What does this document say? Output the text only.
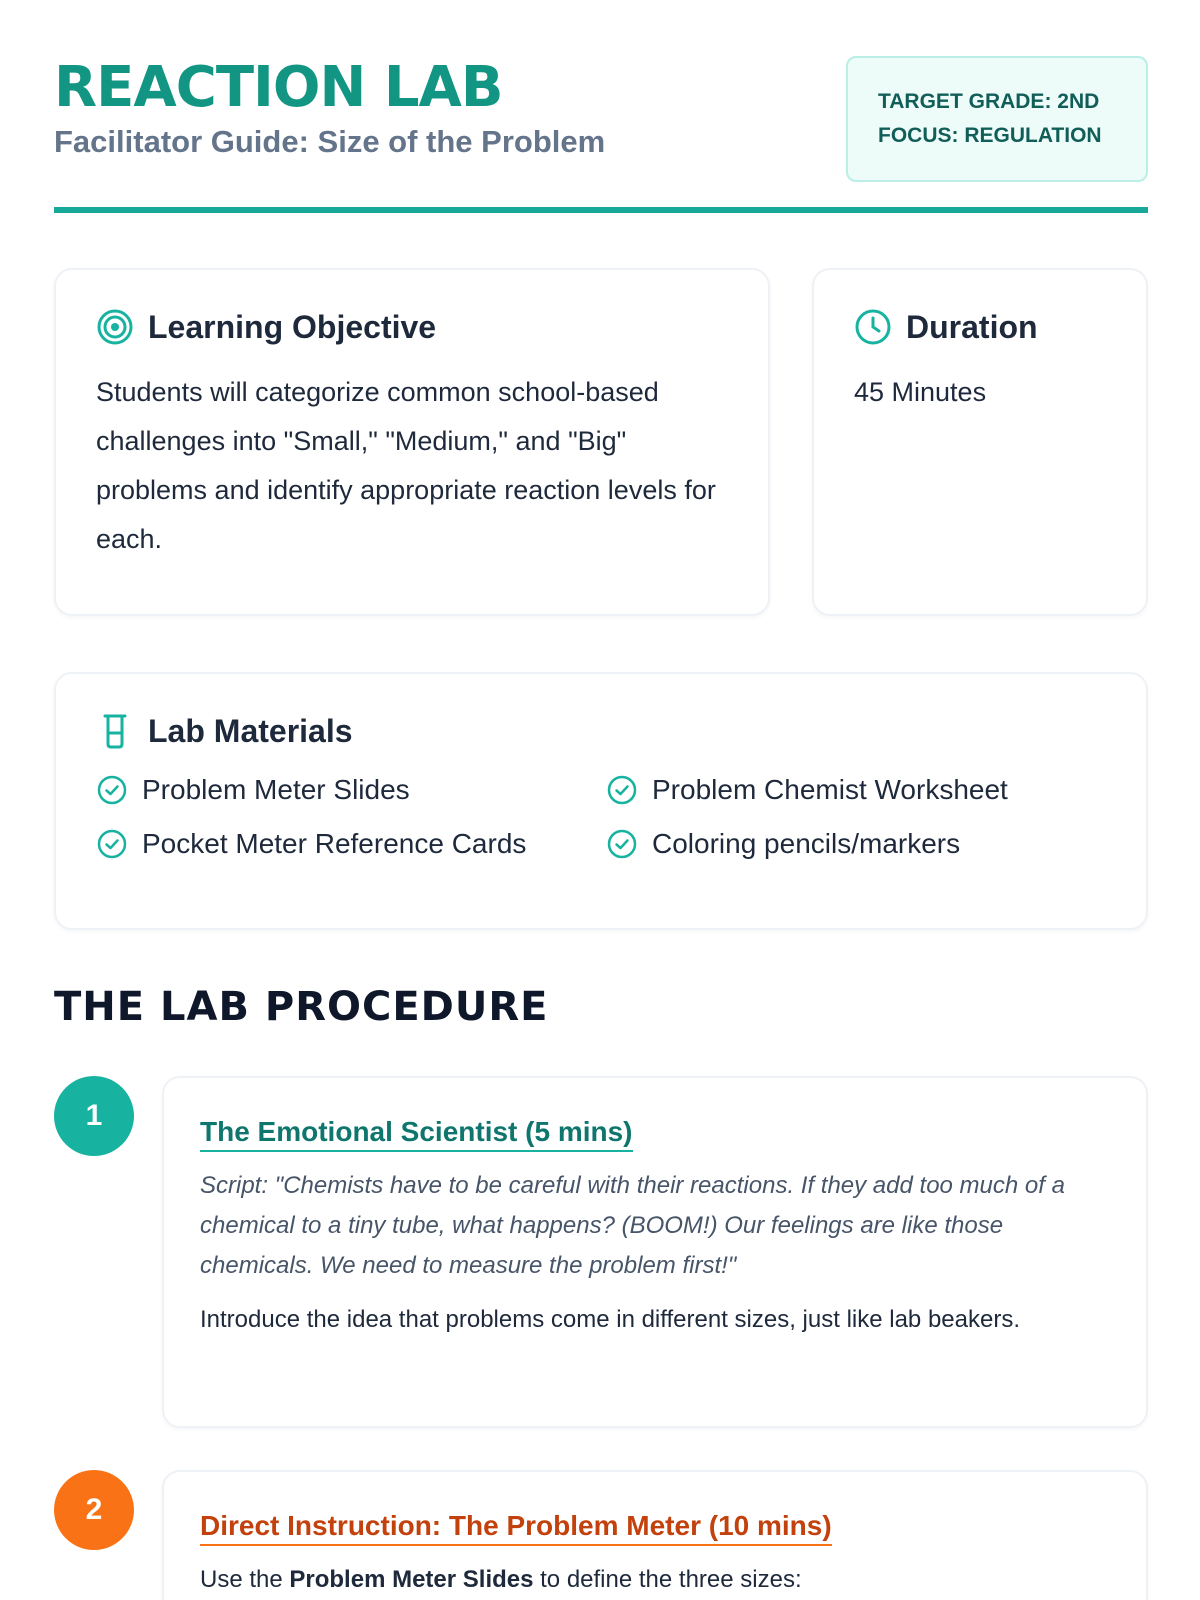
REACTION LAB
Facilitator Guide: Size of the Problem
TARGET GRADE: 2ND
FOCUS: REGULATION
Learning Objective

Students will categorize common school-based challenges into "Small," "Medium," and "Big" problems and identify appropriate reaction levels for each.

Duration

45 Minutes

Lab Materials
Problem Meter Slides	Problem Chemist Worksheet
Pocket Meter Reference Cards	Coloring pencils/markers
THE LAB PROCEDURE
1	The Emotional Scientist (5 mins)

Script: "Chemists have to be careful with their reactions. If they add too much of a chemical to a tiny tube, what happens? (BOOM!) Our feelings are like those chemicals. We need to measure the problem first!"

Introduce the idea that problems come in different sizes, just like lab beakers.

2	Direct Instruction: The Problem Meter (10 mins)

Use the Problem Meter Slides to define the three sizes:
